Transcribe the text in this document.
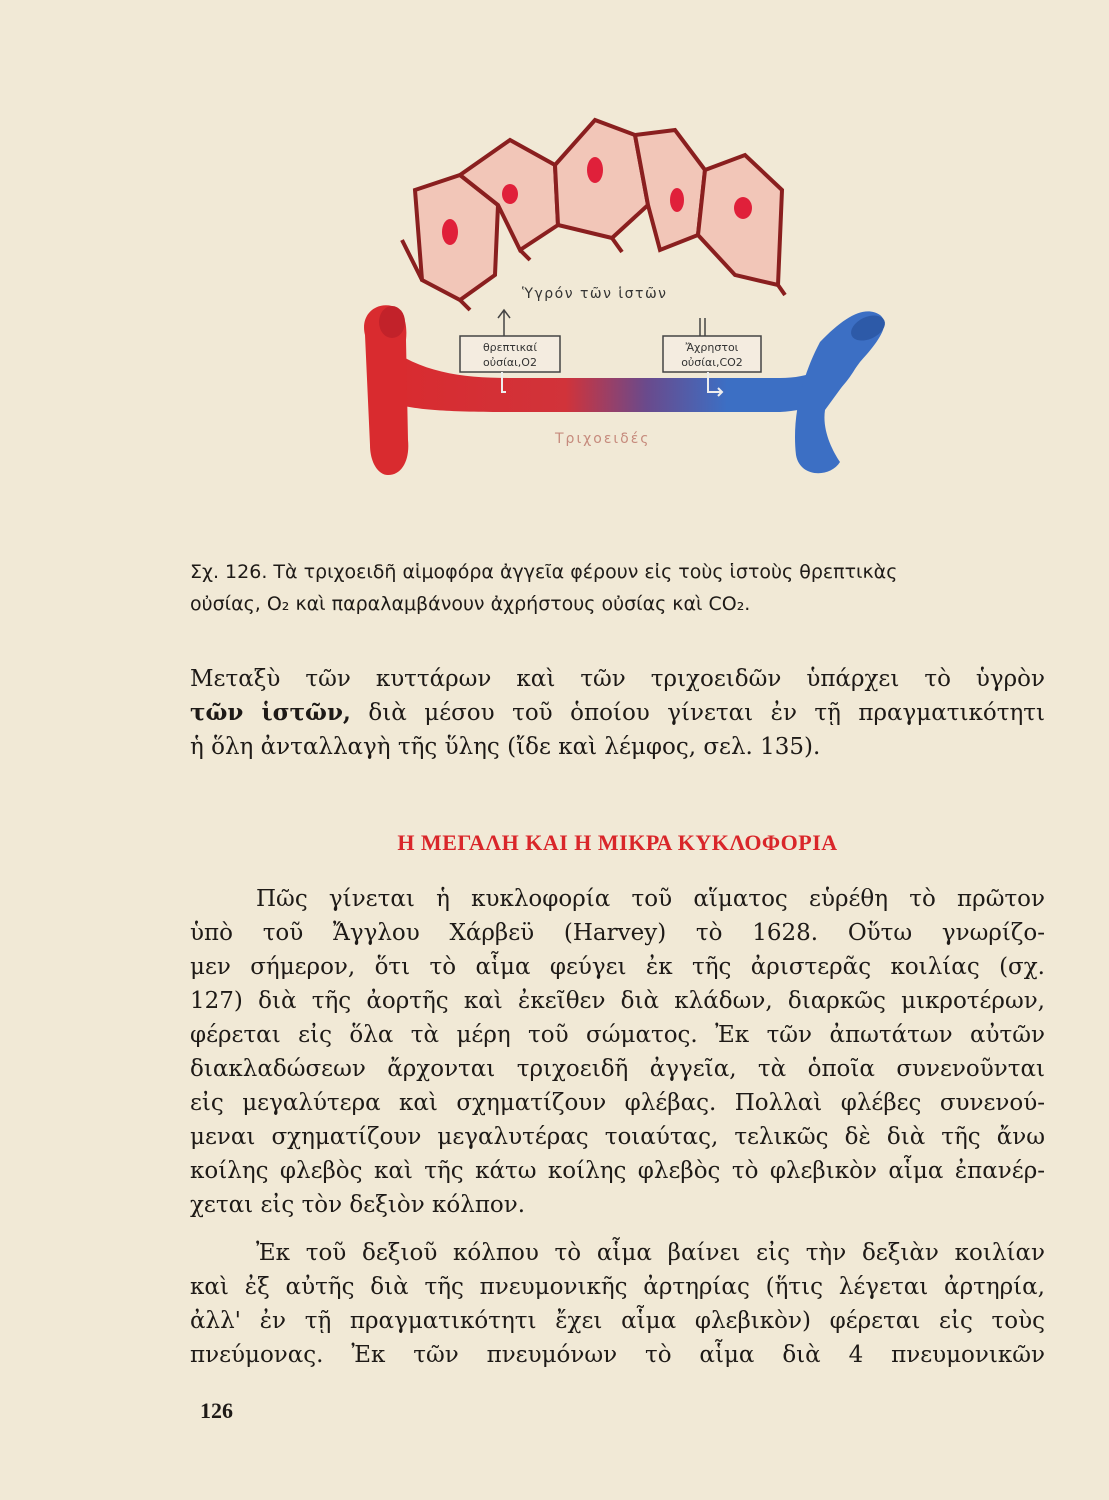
Ὑγρόν τῶν ἱστῶν
θρεπτικαί
οὐσίαι,O2
Ἄχρηστοι
οὐσίαι,CO2
Τριχοειδές
Σχ. 126. Τὰ τριχοειδῆ αἱμοφόρα ἀγγεῖα φέρουν εἰς τοὺς ἱστοὺς θρεπτικὰς
οὐσίας, O₂ καὶ παραλαμβάνουν ἀχρήστους οὐσίας καὶ CO₂.
Μεταξὺ τῶν κυττάρων καὶ τῶν τριχοειδῶν ὑπάρχει τὸ ὑγρὸν
τῶν ἱστῶν, διὰ μέσου τοῦ ὁποίου γίνεται ἐν τῇ πραγματικότητι
ἡ ὅλη ἀνταλλαγὴ τῆς ὕλης (ἴδε καὶ λέμφος, σελ. 135).
Η ΜΕΓΑΛΗ ΚΑΙ Η ΜΙΚΡΑ ΚΥΚΛΟΦΟΡΙΑ
Πῶς γίνεται ἡ κυκλοφορία τοῦ αἵματος εὑρέθη τὸ πρῶτον
ὑπὸ τοῦ Ἄγγλου Χάρβεϋ (Harvey) τὸ 1628. Οὕτω γνωρίζο-
μεν σήμερον, ὅτι τὸ αἷμα φεύγει ἐκ τῆς ἀριστερᾶς κοιλίας (σχ.
127) διὰ τῆς ἀορτῆς καὶ ἐκεῖθεν διὰ κλάδων, διαρκῶς μικροτέρων,
φέρεται εἰς ὅλα τὰ μέρη τοῦ σώματος. Ἐκ τῶν ἀπωτάτων αὐτῶν
διακλαδώσεων ἄρχονται τριχοειδῆ ἀγγεῖα, τὰ ὁποῖα συνενοῦνται
εἰς μεγαλύτερα καὶ σχηματίζουν φλέβας. Πολλαὶ φλέβες συνενού-
μεναι σχηματίζουν μεγαλυτέρας τοιαύτας, τελικῶς δὲ διὰ τῆς ἄνω
κοίλης φλεβὸς καὶ τῆς κάτω κοίλης φλεβὸς τὸ φλεβικὸν αἷμα ἐπανέρ-
χεται εἰς τὸν δεξιὸν κόλπον.
Ἐκ τοῦ δεξιοῦ κόλπου τὸ αἷμα βαίνει εἰς τὴν δεξιὰν κοιλίαν
καὶ ἐξ αὐτῆς διὰ τῆς πνευμονικῆς ἀρτηρίας (ἥτις λέγεται ἀρτηρία,
ἀλλ' ἐν τῇ πραγματικότητι ἔχει αἷμα φλεβικὸν) φέρεται εἰς τοὺς
πνεύμονας. Ἐκ τῶν πνευμόνων τὸ αἷμα διὰ 4 πνευμονικῶν
126
